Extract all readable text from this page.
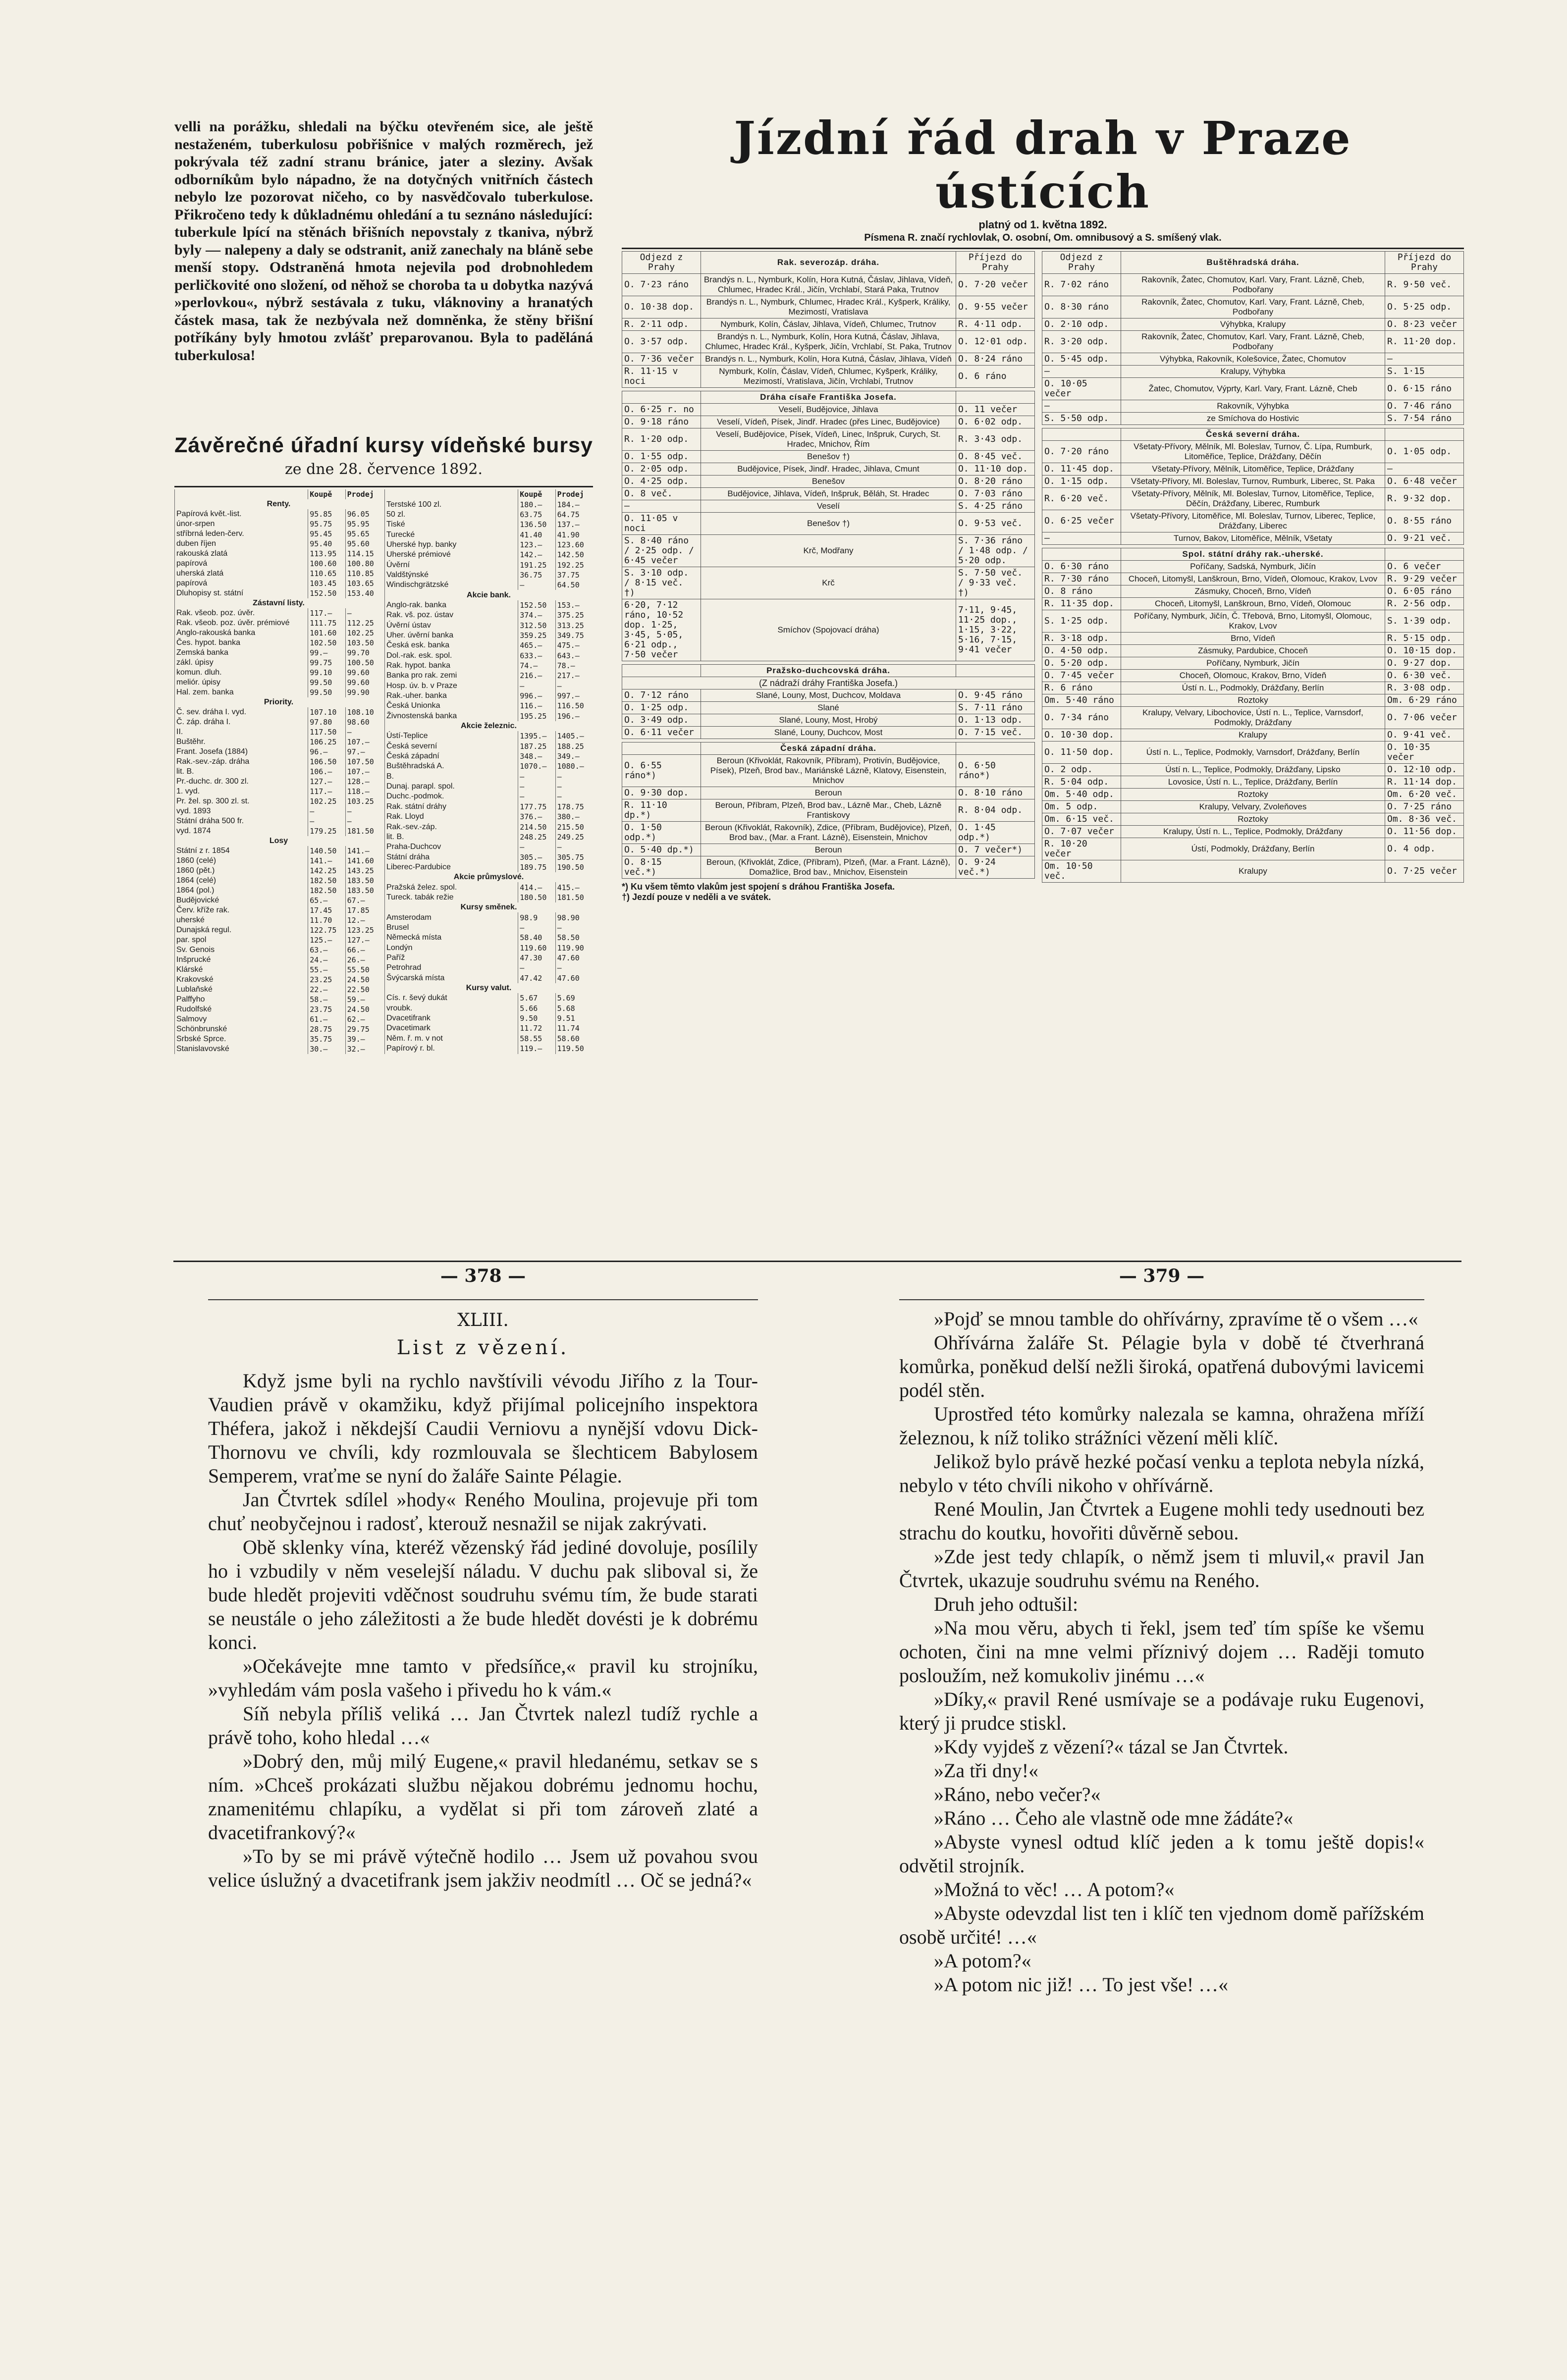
velli na porážku, shledali na býčku otevřeném sice, ale ještě nestaženém, tuberkulosu pobřišnice v malých rozměrech, jež pokrývala též zadní stranu bránice, jater a sleziny. Avšak odborníkům bylo nápadno, že na dotyčných vnitřních částech nebylo lze pozorovat ničeho, co by nasvědčovalo tuberkulose. Přikročeno tedy k důkladnému ohledání a tu seznáno následující: tuberkule lpící na stěnách břišních nepovstaly z tkaniva, nýbrž byly — nalepeny a daly se odstranit, aniž zanechaly na bláně sebe menší stopy. Odstraněná hmota nejevila pod drobnohledem perličkovité ono složení, od něhož se choroba ta u dobytka nazývá »perlovkou«, nýbrž sestávala z tuku, vláknoviny a hranatých částek masa, tak že nezbývala než domněnka, že stěny břišní potříkány byly hmotou zvlášť preparovanou. Byla to paděláná tuberkulosa!
Závěrečné úřadní kursy vídeňské bursy
ze dne 28. července 1892.
	Koupě	Prodej
Renty.		
Papírová květ.-list.	95.85	96.05
únor-srpen	95.75	95.95
stříbrná leden-červ.	95.45	95.65
duben říjen	95.40	95.60
rakouská zlatá	113.95	114.15
papírová	100.60	100.80
uherská zlatá	110.65	110.85
papírová	103.45	103.65
Dluhopisy st. státní	152.50	153.40
Zástavní listy.		
Rak. všeob. poz. úvěr.	117.—	—
Rak. všeob. poz. úvěr. prémiové	111.75	112.25
Anglo-rakouská banka	101.60	102.25
Čes. hypot. banka	102.50	103.50
Zemská banka	99.—	99.70
zákl. úpisy	99.75	100.50
komun. dluh.	99.10	99.60
meliór. úpisy	99.50	99.60
Hal. zem. banka	99.50	99.90
Priority.		
Č. sev. dráha I. vyd.	107.10	108.10
Č. záp. dráha I.	97.80	98.60
II.	117.50	—
Buštěhr.	106.25	107.—
Frant. Josefa (1884)	96.—	97.—
Rak.-sev.-záp. dráha	106.50	107.50
lit. B.	106.—	107.—
Pr.-duchc. dr. 300 zl.	127.—	128.—
1. vyd.	117.—	118.—
Pr. žel. sp. 300 zl. st.	102.25	103.25
vyd. 1893	—	—
Státní dráha 500 fr.	—	—
vyd. 1874	179.25	181.50
Losy		
Státní z r. 1854	140.50	141.—
1860 (celé)	141.—	141.60
1860 (pět.)	142.25	143.25
1864 (celé)	182.50	183.50
1864 (pol.)	182.50	183.50
Budějovické	65.—	67.—
Červ. kříže rak.	17.45	17.85
uherské	11.70	12.—
Dunajská regul.	122.75	123.25
par. spol	125.—	127.—
Sv. Genois	63.—	66.—
Inšprucké	24.—	26.—
Klárské	55.—	55.50
Krakovské	23.25	24.50
Lublaňské	22.—	22.50
Palffyho	58.—	59.—
Rudolfské	23.75	24.50
Salmovy	61.—	62.—
Schönbrunské	28.75	29.75
Srbské Sprce.	35.75	39.—
Stanislavovské	30.—	32.—
	Koupě	Prodej
Terstské 100 zl.	180.—	184.—
50 zl.	63.75	64.75
Tiské	136.50	137.—
Turecké	41.40	41.90
Uherské hyp. banky	123.—	123.60
Uherské prémiové	142.—	142.50
Úvěrní	191.25	192.25
Valdštýnské	36.75	37.75
Windischgrätzské	—	64.50
Akcie bank.		
Anglo-rak. banka	152.50	153.—
Rak. vš. poz. ústav	374.—	375.25
Úvěrní ústav	312.50	313.25
Uher. úvěrní banka	359.25	349.75
Česká esk. banka	465.—	475.—
Dol.-rak. esk. spol.	633.—	643.—
Rak. hypot. banka	74.—	78.—
Banka pro rak. zemi	216.—	217.—
Hosp. úv. b. v Praze	—	—
Rak.-uher. banka	996.—	997.—
Česká Unionka	116.—	116.50
Živnostenská banka	195.25	196.—
Akcie železnic.		
Ústí-Teplice	1395.—	1405.—
Česká severní	187.25	188.25
Česká západní	348.—	349.—
Buštěhradská A.	1070.—	1080.—
B.	—	—
Dunaj. parapl. spol.	—	—
Duchc.-podmok.	—	—
Rak. státní dráhy	177.75	178.75
Rak. Lloyd	376.—	380.—
Rak.-sev.-záp.	214.50	215.50
lit. B.	248.25	249.25
Praha-Duchcov	—	—
Státní dráha	305.—	305.75
Liberec-Pardubice	189.75	190.50
Akcie průmyslové.		
Pražská želez. spol.	414.—	415.—
Tureck. tabák režie	180.50	181.50
Kursy směnek.		
Amsterodam	98.9	98.90
Brusel	—	—
Německá místa	58.40	58.50
Londýn	119.60	119.90
Paříž	47.30	47.60
Petrohrad	—	—
Švýcarská místa	47.42	47.60
Kursy valut.		
Cís. r. ševý dukát	5.67	5.69
vroubk.	5.66	5.68
Dvacetifrank	9.50	9.51
Dvacetimark	11.72	11.74
Něm. ř. m. v not	58.55	58.60
Papírový r. bl.	119.—	119.50
Jízdní řád drah v Praze ústících
platný od 1. května 1892.
Písmena R. značí rychlovlak, O. osobní, Om. omnibusový a S. smíšený vlak.
Odjezd z Prahy	Rak. severozáp. dráha.	Příjezd do Prahy
O. 7·23 ráno	Brandýs n. L., Nymburk, Kolín, Hora Kutná, Čáslav, Jihlava, Vídeň, Chlumec, Hradec Král., Jičín, Vrchlabí, Stará Paka, Trutnov	O. 7·20 večer
O. 10·38 dop.	Brandýs n. L., Nymburk, Chlumec, Hradec Král., Kyšperk, Králiky, Mezimostí, Vratislava	O. 9·55 večer
R. 2·11 odp.	Nymburk, Kolín, Čáslav, Jihlava, Vídeň, Chlumec, Trutnov	R. 4·11 odp.
O. 3·57 odp.	Brandýs n. L., Nymburk, Kolín, Hora Kutná, Čáslav, Jihlava, Chlumec, Hradec Král., Kyšperk, Jičín, Vrchlabí, St. Paka, Trutnov	O. 12·01 odp.
O. 7·36 večer	Brandýs n. L., Nymburk, Kolín, Hora Kutná, Čáslav, Jihlava, Vídeň	O. 8·24 ráno
R. 11·15 v noci	Nymburk, Kolín, Čáslav, Vídeň, Chlumec, Kyšperk, Králiky, Mezimostí, Vratislava, Jičín, Vrchlabí, Trutnov	O. 6 ráno
	Dráha císaře Františka Josefa.	
O. 6·25 r. no	Veselí, Budějovice, Jihlava	O. 11 večer
O. 9·18 ráno	Veselí, Vídeň, Písek, Jindř. Hradec (přes Linec, Budějovice)	O. 6·02 odp.
R. 1·20 odp.	Veselí, Budějovice, Písek, Vídeň, Linec, Inšpruk, Curych, St. Hradec, Mnichov, Řím	R. 3·43 odp.
O. 1·55 odp.	Benešov †)	O. 8·45 več.
O. 2·05 odp.	Budějovice, Písek, Jindř. Hradec, Jihlava, Cmunt	O. 11·10 dop.
O. 4·25 odp.	Benešov	O. 8·20 ráno
O. 8 več.	Budějovice, Jihlava, Vídeň, Inšpruk, Běláh, St. Hradec	O. 7·03 ráno
—	Veselí	S. 4·25 ráno
O. 11·05 v noci	Benešov †)	O. 9·53 več.
S. 8·40 ráno / 2·25 odp. / 6·45 večer	Krč, Modřany	S. 7·36 ráno / 1·48 odp. / 5·20 odp.
S. 3·10 odp. / 8·15 več. †)	Krč	S. 7·50 več. / 9·33 več. †)
6·20, 7·12 ráno, 10·52 dop. 1·25, 3·45, 5·05, 6·21 odp., 7·50 večer	Smíchov (Spojovací dráha)	7·11, 9·45, 11·25 dop., 1·15, 3·22, 5·16, 7·15, 9·41 večer
	Pražsko-duchcovská dráha.	
(Z nádraží dráhy Františka Josefa.)		
O. 7·12 ráno	Slané, Louny, Most, Duchcov, Moldava	O. 9·45 ráno
O. 1·25 odp.	Slané	S. 7·11 ráno
O. 3·49 odp.	Slané, Louny, Most, Hrobý	O. 1·13 odp.
O. 6·11 večer	Slané, Louny, Duchcov, Most	O. 7·15 več.
	Česká západní dráha.	
O. 6·55 ráno*)	Beroun (Křivoklát, Rakovník, Příbram), Protivín, Budějovice, Písek), Plzeň, Brod bav., Mariánské Lázně, Klatovy, Eisenstein, Mnichov	O. 6·50 ráno*)
O. 9·30 dop.	Beroun	O. 8·10 ráno
R. 11·10 dp.*)	Beroun, Příbram, Plzeň, Brod bav., Lázně Mar., Cheb, Lázně Frantiskovy	R. 8·04 odp.
O. 1·50 odp.*)	Beroun (Křivoklát, Rakovník), Zdice, (Příbram, Budějovice), Plzeň, Brod bav., (Mar. a Frant. Lázně), Eisenstein, Mnichov	O. 1·45 odp.*)
O. 5·40 dp.*)	Beroun	O. 7 večer*)
O. 8·15 več.*)	Beroun, (Křivoklát, Zdice, (Příbram), Plzeň, (Mar. a Frant. Lázně), Domažlice, Brod bav., Mnichov, Eisenstein	O. 9·24 več.*)
*) Ku všem těmto vlakům jest spojení s dráhou Františka Josefa.
†) Jezdí pouze v neděli a ve svátek.
Odjezd z Prahy	Buštěhradská dráha.	Příjezd do Prahy
R. 7·02 ráno	Rakovník, Žatec, Chomutov, Karl. Vary, Frant. Lázně, Cheb, Podbořany	R. 9·50 več.
O. 8·30 ráno	Rakovník, Žatec, Chomutov, Karl. Vary, Frant. Lázně, Cheb, Podbořany	O. 5·25 odp.
O. 2·10 odp.	Výhybka, Kralupy	O. 8·23 večer
R. 3·20 odp.	Rakovník, Žatec, Chomutov, Karl. Vary, Frant. Lázně, Cheb, Podbořany	R. 11·20 dop.
O. 5·45 odp.	Výhybka, Rakovník, Kolešovice, Žatec, Chomutov	—
—	Kralupy, Výhybka	S. 1·15
O. 10·05 večer	Žatec, Chomutov, Výprty, Karl. Vary, Frant. Lázně, Cheb	O. 6·15 ráno
—	Rakovník, Výhybka	O. 7·46 ráno
S. 5·50 odp.	ze Smíchova do Hostivic	S. 7·54 ráno
	Česká severní dráha.	
O. 7·20 ráno	Všetaty-Přívory, Mělník, Ml. Boleslav, Turnov, Č. Lípa, Rumburk, Litoměřice, Teplice, Drážďany, Děčín	O. 1·05 odp.
O. 11·45 dop.	Všetaty-Přívory, Mělník, Litoměřice, Teplice, Drážďany	—
O. 1·15 odp.	Všetaty-Přívory, Ml. Boleslav, Turnov, Rumburk, Liberec, St. Paka	O. 6·48 večer
R. 6·20 več.	Všetaty-Přívory, Mělník, Ml. Boleslav, Turnov, Litoměřice, Teplice, Děčín, Drážďany, Liberec, Rumburk	R. 9·32 dop.
O. 6·25 večer	Všetaty-Přívory, Litoměřice, Ml. Boleslav, Turnov, Liberec, Teplice, Drážďany, Liberec	O. 8·55 ráno
—	Turnov, Bakov, Litoměřice, Mělník, Všetaty	O. 9·21 več.
	Spol. státní dráhy rak.-uherské.	
O. 6·30 ráno	Poříčany, Sadská, Nymburk, Jičín	O. 6 večer
R. 7·30 ráno	Choceň, Litomyšl, Lanškroun, Brno, Vídeň, Olomouc, Krakov, Lvov	R. 9·29 večer
O. 8 ráno	Zásmuky, Choceň, Brno, Vídeň	O. 6·05 ráno
R. 11·35 dop.	Choceň, Litomyšl, Lanškroun, Brno, Vídeň, Olomouc	R. 2·56 odp.
S. 1·25 odp.	Poříčany, Nymburk, Jičín, Č. Třebová, Brno, Litomyšl, Olomouc, Krakov, Lvov	S. 1·39 odp.
R. 3·18 odp.	Brno, Vídeň	R. 5·15 odp.
O. 4·50 odp.	Zásmuky, Pardubice, Choceň	O. 10·15 dop.
O. 5·20 odp.	Poříčany, Nymburk, Jičín	O. 9·27 dop.
O. 7·45 večer	Choceň, Olomouc, Krakov, Brno, Vídeň	O. 6·30 več.
R. 6 ráno	Ústí n. L., Podmokly, Drážďany, Berlín	R. 3·08 odp.
Om. 5·40 ráno	Roztoky	Om. 6·29 ráno
O. 7·34 ráno	Kralupy, Velvary, Libochovice, Ústí n. L., Teplice, Varnsdorf, Podmokly, Drážďany	O. 7·06 večer
O. 10·30 dop.	Kralupy	O. 9·41 več.
O. 11·50 dop.	Ústí n. L., Teplice, Podmokly, Varnsdorf, Drážďany, Berlín	O. 10·35 večer
O. 2 odp.	Ústí n. L., Teplice, Podmokly, Drážďany, Lipsko	O. 12·10 odp.
R. 5·04 odp.	Lovosice, Ústí n. L., Teplice, Drážďany, Berlín	R. 11·14 dop.
Om. 5·40 odp.	Roztoky	Om. 6·20 več.
Om. 5 odp.	Kralupy, Velvary, Zvoleňoves	O. 7·25 ráno
Om. 6·15 več.	Roztoky	Om. 8·36 več.
O. 7·07 večer	Kralupy, Ústí n. L., Teplice, Podmokly, Drážďany	O. 11·56 dop.
R. 10·20 večer	Ústí, Podmokly, Drážďany, Berlín	O. 4 odp.
Om. 10·50 več.	Kralupy	O. 7·25 večer
— 378 —
XLIII.
List z vězení.

Když jsme byli na rychlo navštívili vévodu Jiřího z la Tour-Vaudien právě v okamžiku, když přijímal policejního inspektora Théfera, jakož i někdejší Caudii Verniovu a nynější vdovu Dick-Thornovu ve chvíli, kdy rozmlouvala se šlechticem Babylosem Semperem, vraťme se nyní do žaláře Sainte Pélagie.

Jan Čtvrtek sdílel »hody« Reného Moulina, projevuje při tom chuť neobyčejnou i radosť, kterouž nesnažil se nijak zakrývati.

Obě sklenky vína, kteréž vězenský řád jediné dovoluje, posílily ho i vzbudily v něm veselejší náladu. V duchu pak sliboval si, že bude hledět projeviti vděčnost soudruhu svému tím, že bude starati se neustále o jeho záležitosti a že bude hledět dovésti je k dobrému konci.

»Očekávejte mne tamto v předsíňce,« pravil ku strojníku, »vyhledám vám posla vašeho i přivedu ho k vám.«

Síň nebyla příliš veliká … Jan Čtvrtek nalezl tudíž rychle a právě toho, koho hledal …«

»Dobrý den, můj milý Eugene,« pravil hledanému, setkav se s ním. »Chceš prokázati službu nějakou dobrému jednomu hochu, znamenitému chlapíku, a vydělat si při tom zároveň zlaté a dvacetifrankový?«

»To by se mi právě výtečně hodilo … Jsem už povahou svou velice úslužný a dvacetifrank jsem jakživ neodmítl … Oč se jedná?«

— 379 —

»Pojď se mnou tamble do ohřívárny, zpravíme tě o všem …«

Ohřívárna žaláře St. Pélagie byla v době té čtverhraná komůrka, poněkud delší nežli široká, opatřená dubovými lavicemi podél stěn.

Uprostřed této komůrky nalezala se kamna, ohražena mříží železnou, k níž toliko strážníci vězení měli klíč.

Jelikož bylo právě hezké počasí venku a teplota nebyla nízká, nebylo v této chvíli nikoho v ohřívárně.

René Moulin, Jan Čtvrtek a Eugene mohli tedy usednouti bez strachu do koutku, hovořiti důvěrně sebou.

»Zde jest tedy chlapík, o němž jsem ti mluvil,« pravil Jan Čtvrtek, ukazuje soudruhu svému na Reného.

Druh jeho odtušil:

»Na mou věru, abych ti řekl, jsem teď tím spíše ke všemu ochoten, čini na mne velmi příznivý dojem … Raději tomuto posloužím, než komukoliv jinému …«

»Díky,« pravil René usmívaje se a podávaje ruku Eugenovi, který ji prudce stiskl.

»Kdy vyjdeš z vězení?« tázal se Jan Čtvrtek.

»Za tři dny!«

»Ráno, nebo večer?«

»Ráno … Čeho ale vlastně ode mne žádáte?«

»Abyste vynesl odtud klíč jeden a k tomu ještě dopis!« odvětil strojník.

»Možná to věc! … A potom?«

»Abyste odevzdal list ten i klíč ten vjednom domě pařížském osobě určité! …«

»A potom?«

»A potom nic již! … To jest vše! …«
